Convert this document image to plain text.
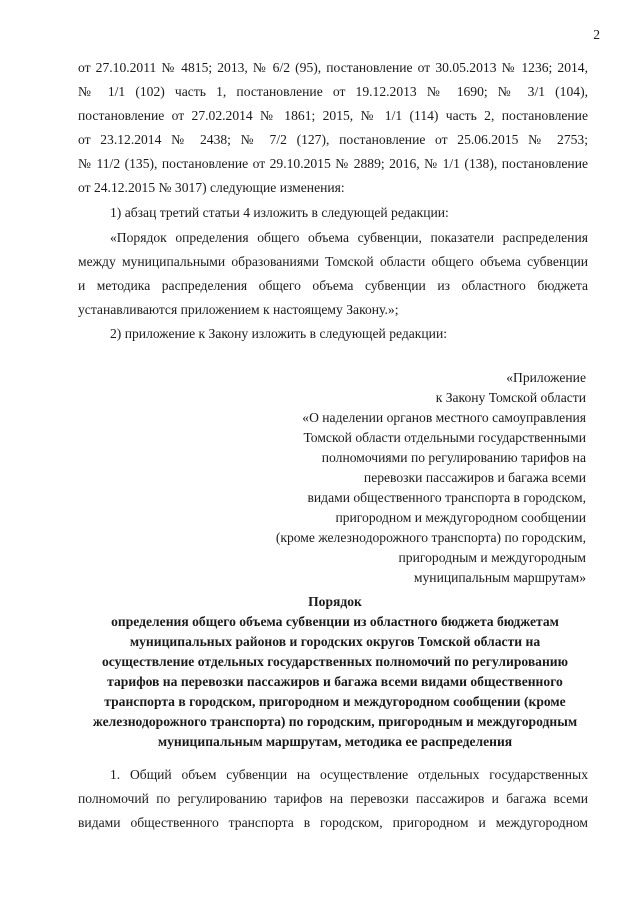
2
от 27.10.2011 № 4815; 2013, № 6/2 (95), постановление от 30.05.2013 № 1236; 2014,
№ 1/1 (102) часть 1, постановление от 19.12.2013 № 1690; № 3/1 (104),
постановление от 27.02.2014 № 1861; 2015, № 1/1 (114) часть 2, постановление
от 23.12.2014 № 2438; № 7/2 (127), постановление от 25.06.2015 № 2753;
№ 11/2 (135), постановление от 29.10.2015 № 2889; 2016, № 1/1 (138), постановление
от 24.12.2015 № 3017) следующие изменения:
1) абзац третий статьи 4 изложить в следующей редакции:
«Порядок определения общего объема субвенции, показатели распределения
между муниципальными образованиями Томской области общего объема субвенции
и методика распределения общего объема субвенции из областного бюджета
устанавливаются приложением к настоящему Закону.»;
2) приложение к Закону изложить в следующей редакции:
«Приложение
к Закону Томской области
«О наделении органов местного самоуправления
Томской области отдельными государственными
полномочиями по регулированию тарифов на
перевозки пассажиров и багажа всеми
видами общественного транспорта в городском,
пригородном и междугородном сообщении
(кроме железнодорожного транспорта) по городским,
пригородным и междугородным
муниципальным маршрутам»
Порядок
определения общего объема субвенции из областного бюджета бюджетам
муниципальных районов и городских округов Томской области на
осуществление отдельных государственных полномочий по регулированию
тарифов на перевозки пассажиров и багажа всеми видами общественного
транспорта в городском, пригородном и междугородном сообщении (кроме
железнодорожного транспорта) по городским, пригородным и междугородным
муниципальным маршрутам, методика ее распределения
1. Общий объем субвенции на осуществление отдельных государственных
полномочий по регулированию тарифов на перевозки пассажиров и багажа всеми
видами общественного транспорта в городском, пригородном и междугородном
